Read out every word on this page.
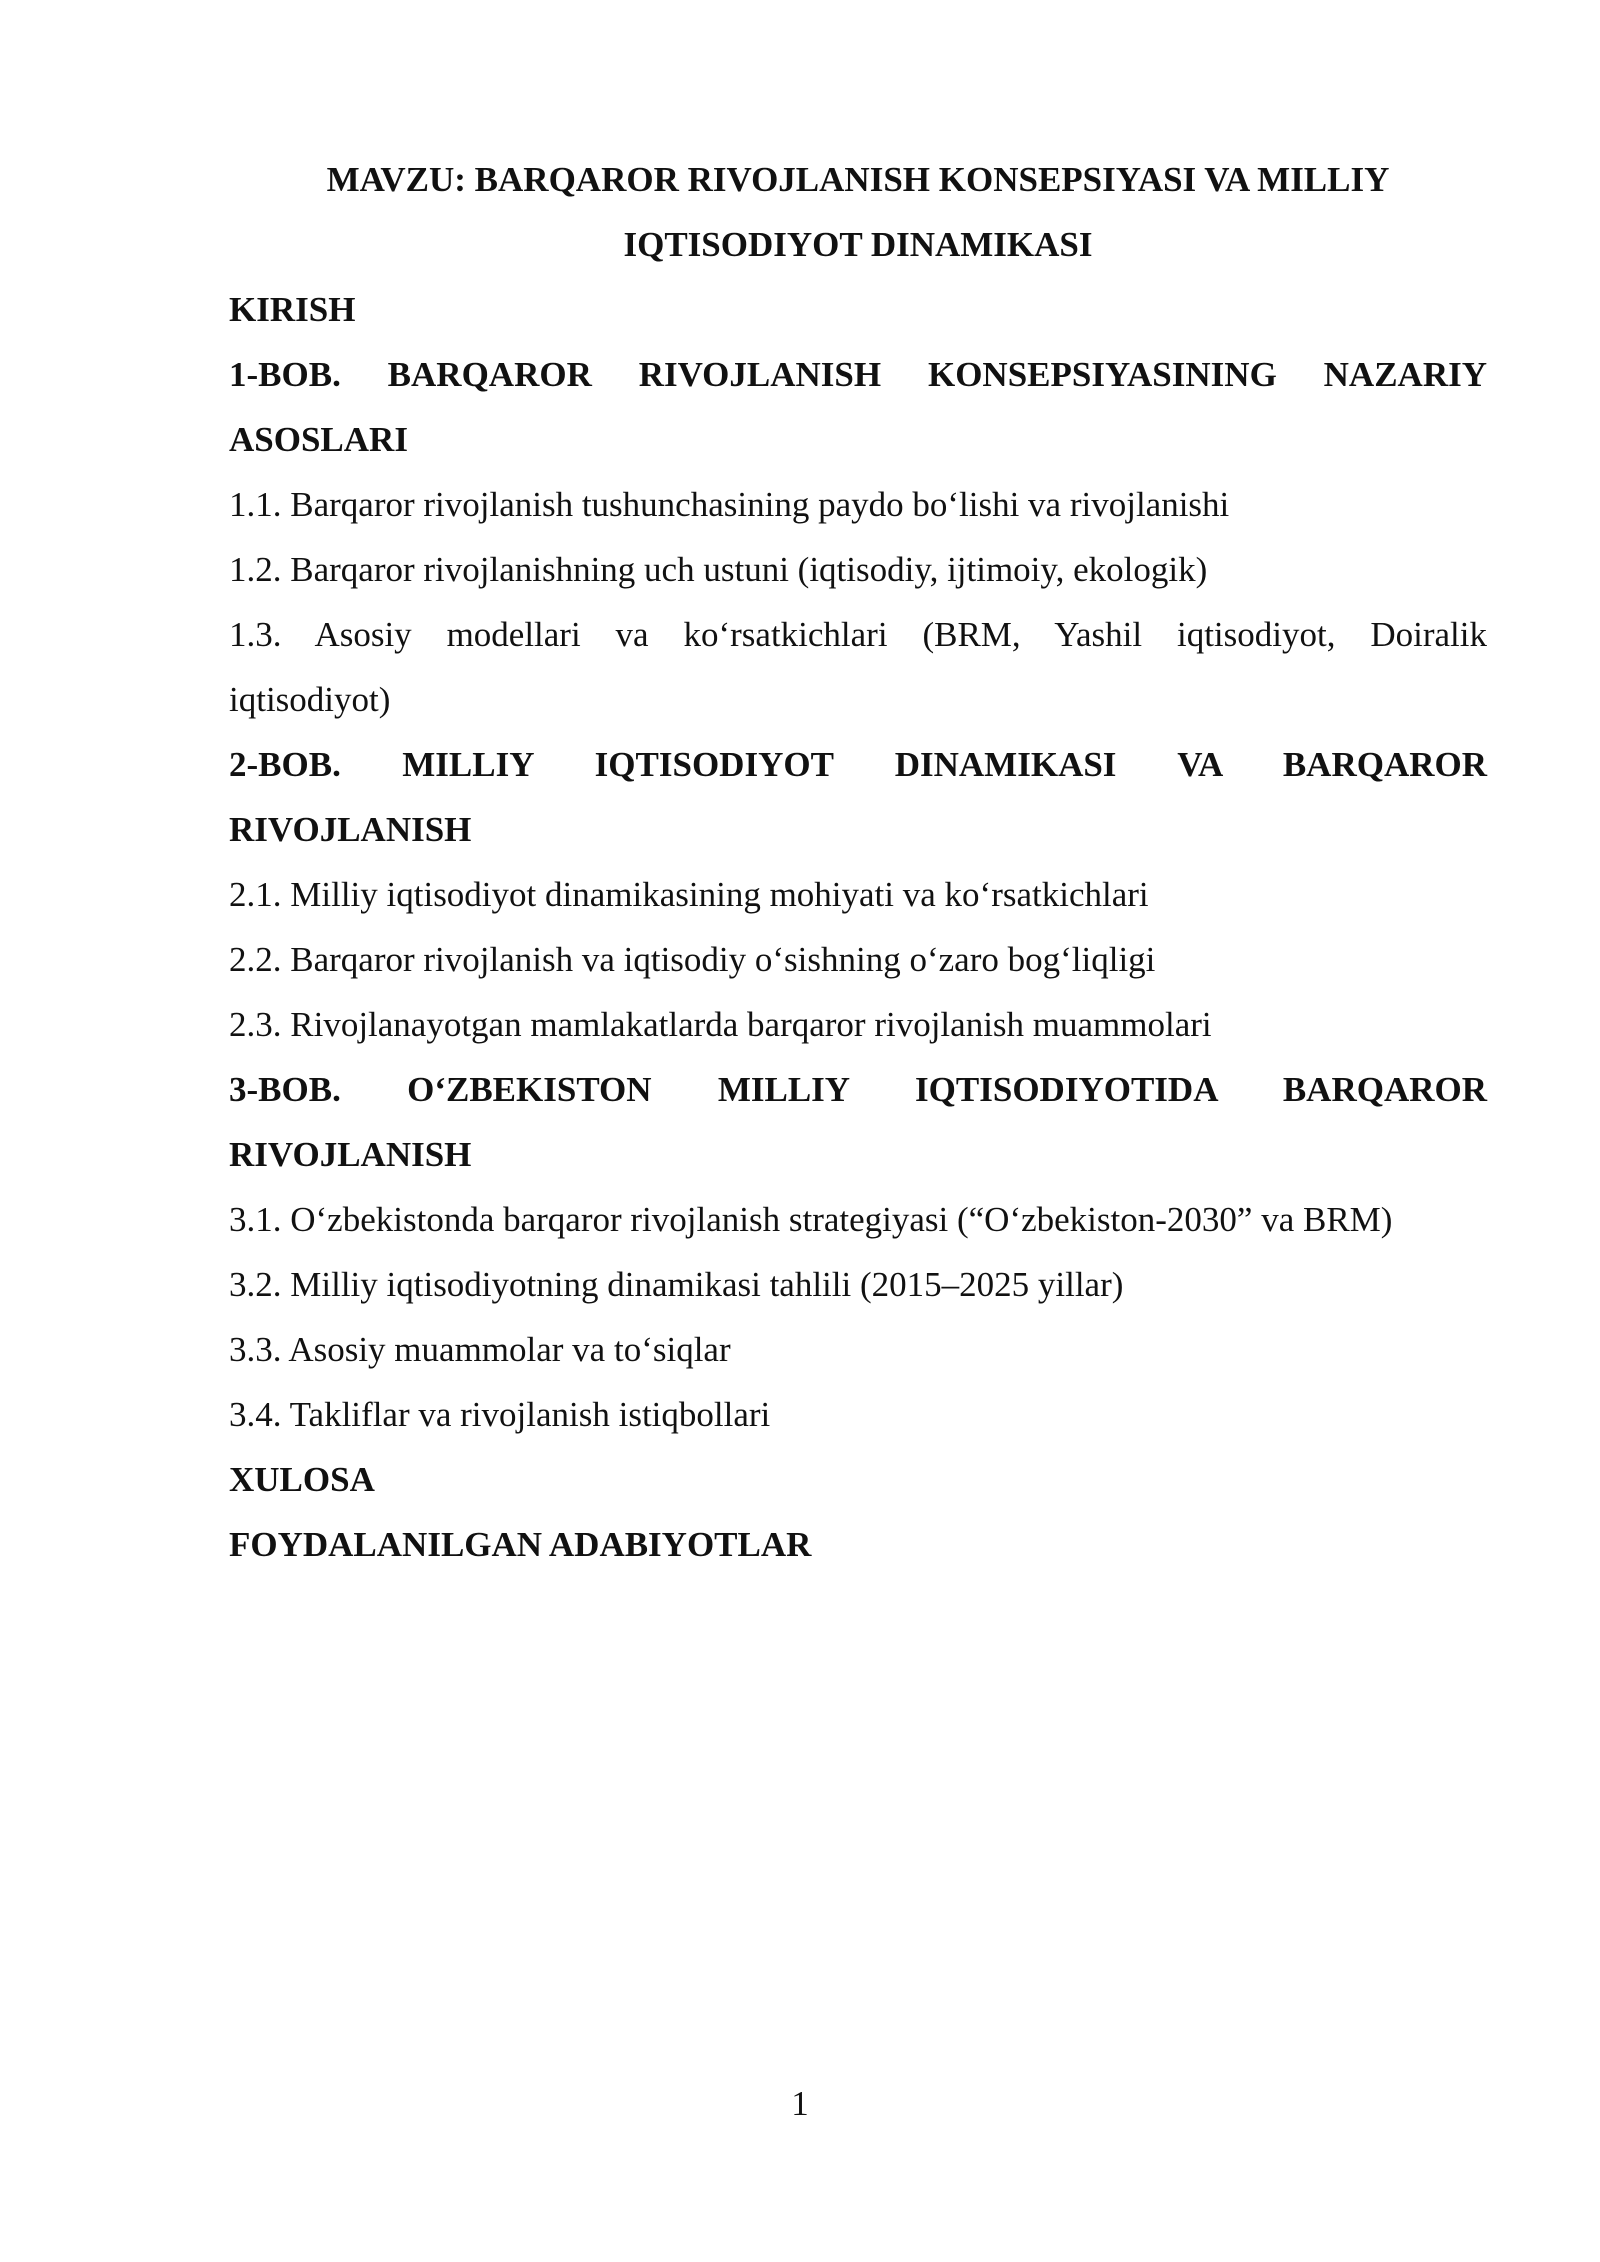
MAVZU: BARQAROR RIVOJLANISH KONSEPSIYASI VA MILLIY
IQTISODIYOT DINAMIKASI
KIRISH
1-BOB. BARQAROR RIVOJLANISH KONSEPSIYASINING NAZARIY
ASOSLARI
1.1. Barqaror rivojlanish tushunchasining paydo bo‘lishi va rivojlanishi
1.2. Barqaror rivojlanishning uch ustuni (iqtisodiy, ijtimoiy, ekologik)
1.3. Asosiy modellari va ko‘rsatkichlari (BRM, Yashil iqtisodiyot, Doiralik
iqtisodiyot)
2-BOB. MILLIY IQTISODIYOT DINAMIKASI VA BARQAROR
RIVOJLANISH
2.1. Milliy iqtisodiyot dinamikasining mohiyati va ko‘rsatkichlari
2.2. Barqaror rivojlanish va iqtisodiy o‘sishning o‘zaro bog‘liqligi
2.3. Rivojlanayotgan mamlakatlarda barqaror rivojlanish muammolari
3-BOB. O‘ZBEKISTON MILLIY IQTISODIYOTIDA BARQAROR
RIVOJLANISH
3.1. O‘zbekistonda barqaror rivojlanish strategiyasi (“O‘zbekiston-2030” va BRM)
3.2. Milliy iqtisodiyotning dinamikasi tahlili (2015–2025 yillar)
3.3. Asosiy muammolar va to‘siqlar
3.4. Takliflar va rivojlanish istiqbollari
XULOSA
FOYDALANILGAN ADABIYOTLAR
1
